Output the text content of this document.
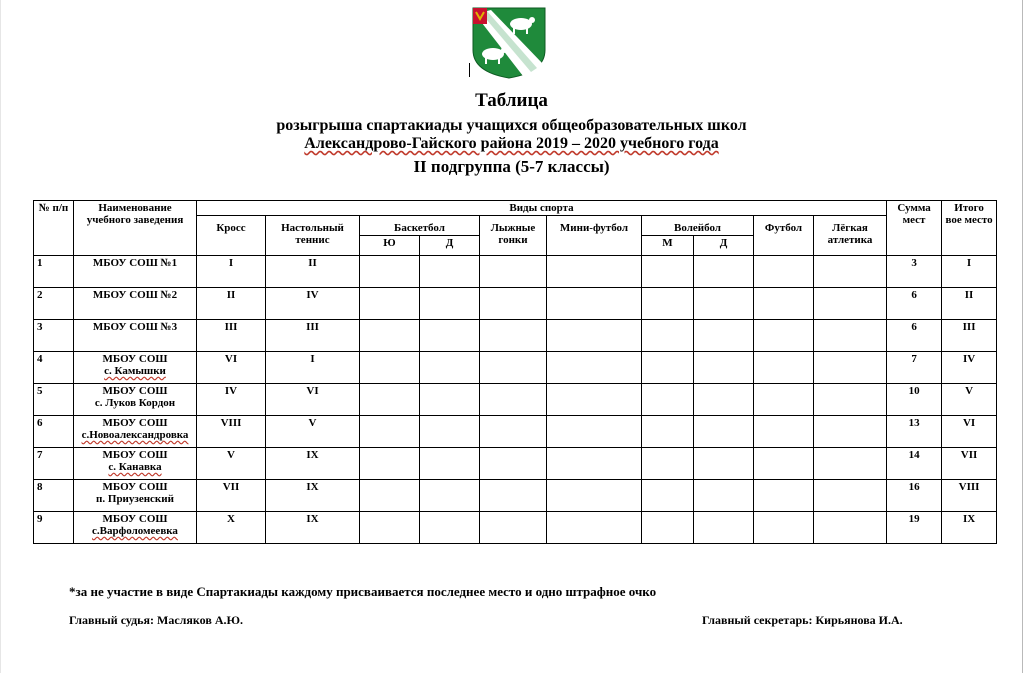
Таблица
розыгрыша спартакиады учащихся общеобразовательных школ
Александрово-Гайского района 2019 – 2020 учебного года
II подгруппа (5-7 классы)
№ п/п	Наименование учебного заведения	Виды спорта										Сумма мест	Итого вое место
		Кросс	Настольный теннис	Баскетбол		Лыжные гонки	Мини-футбол	Волейбол		Футбол	Лёгкая атлетика		
				Ю	Д			М	Д				
1	МБОУ СОШ №1	I	II									3	I
2	МБОУ СОШ №2	II	IV									6	II
3	МБОУ СОШ №3	III	III									6	III
4	МБОУ СОШ
с. Камышки	VI	I									7	IV
5	МБОУ СОШ
с. Луков Кордон	IV	VI									10	V
6	МБОУ СОШ
с.Новоалександровка	VIII	V									13	VI
7	МБОУ СОШ
с. Канавка	V	IX									14	VII
8	МБОУ СОШ
п. Приузенский	VII	IX									16	VIII
9	МБОУ СОШ
с.Варфоломеевка	X	IX									19	IX
*за не участие в виде Спартакиады каждому присваивается последнее место и одно штрафное очко
Главный судья: Масляков А.Ю.	Главный секретарь: Кирьянова И.А.
